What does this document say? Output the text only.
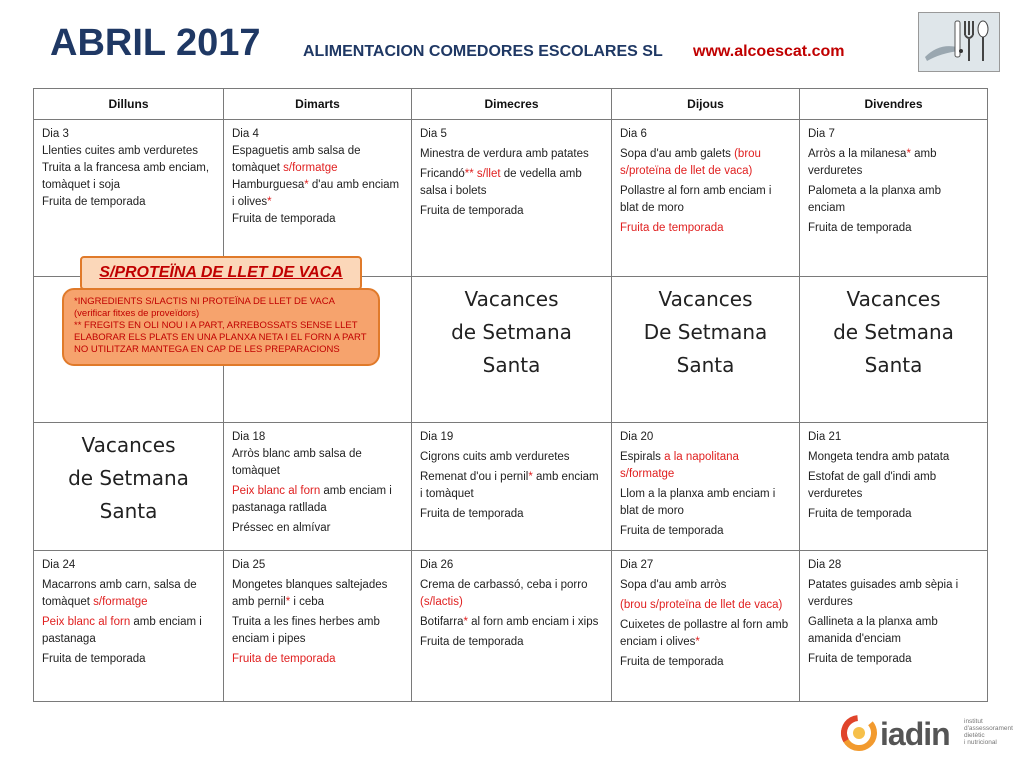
ABRIL 2017	ALIMENTACION COMEDORES ESCOLARES SL www.alcoescat.com
Dilluns	Dimarts	Dimecres	Dijous	Divendres

Dia 3
Llenties cuites amb verduretes
Truita a la francesa amb enciam, tomàquet i soja
Fruita de temporada	Dia 4
Espaguetis amb salsa de tomàquet s/formatge
Hamburguesa* d'au amb enciam i olives*
Fruita de temporada	Dia 5
Minestra de verdura amb patates
Fricandó** s/llet de vedella amb salsa i bolets
Fruita de temporada	Dia 6
Sopa d'au amb galets (brou s/proteïna de llet de vaca)
Pollastre al forn amb enciam i blat de moro
Fruita de temporada	Dia 7
Arròs a la milanesa* amb verduretes
Palometa a la planxa amb enciam
Fruita de temporada

		Vacances
de Setmana
Santa	Vacances
De Setmana
Santa	Vacances
de Setmana
Santa

Vacances
de Setmana
Santa	Dia 18
Arròs blanc amb salsa de tomàquet
Peix blanc al forn amb enciam i pastanaga ratllada
Préssec en almívar	Dia 19
Cigrons cuits amb verduretes
Remenat d'ou i pernil* amb enciam i tomàquet
Fruita de temporada	Dia 20
Espirals a la napolitana s/formatge
Llom a la planxa amb enciam i blat de moro
Fruita de temporada	Dia 21
Mongeta tendra amb patata
Estofat de gall d'indi amb verduretes
Fruita de temporada

Dia 24
Macarrons amb carn, salsa de tomàquet s/formatge
Peix blanc al forn amb enciam i pastanaga
Fruita de temporada	Dia 25
Mongetes blanques saltejades amb pernil* i ceba
Truita a les fines herbes amb enciam i pipes
Fruita de temporada	Dia 26
Crema de carbassó, ceba i porro (s/lactis)
Botifarra* al forn amb enciam i xips
Fruita de temporada	Dia 27
Sopa d'au amb arròs
(brou s/proteïna de llet de vaca)
Cuixetes de pollastre al forn amb enciam i olives*
Fruita de temporada	Dia 28
Patates guisades amb sèpia i verdures
Gallineta a la planxa amb amanida d'enciam
Fruita de temporada
S/PROTEÏNA DE LLET DE VACA
*INGREDIENTS S/LACTIS NI PROTEÏNA DE LLET DE VACA
(verificar fitxes de proveïdors)
** FREGITS EN OLI NOU I A PART, ARREBOSSATS SENSE LLET
ELABORAR ELS PLATS EN UNA PLANXA NETA I EL FORN A PART
NO UTILITZAR MANTEGA EN CAP DE LES PREPARACIONS
iadin institut
d'assessorament
dietètic
i nutricional
